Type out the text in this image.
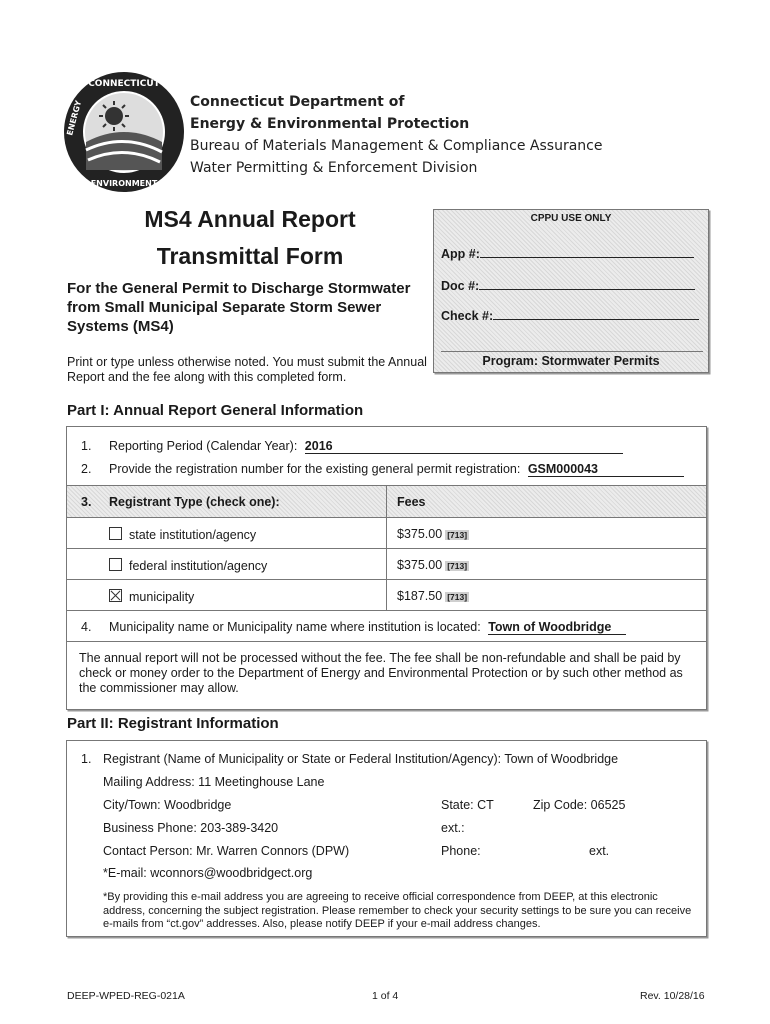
CONNECTICUT
ENERGY
ENVIRONMENT
Connecticut Department of
Energy & Environmental Protection
Bureau of Materials Management & Compliance Assurance
Water Permitting & Enforcement Division
MS4 Annual Report
Transmittal Form
For the General Permit to Discharge Stormwater from Small Municipal Separate Storm Sewer Systems (MS4)
Print or type unless otherwise noted. You must submit the Annual Report and the fee along with this completed form.
CPPU USE ONLY
App #:
Doc #:
Check #:
Program: Stormwater Permits
Part I: Annual Report General Information
1. Reporting Period (Calendar Year): 2016
2. Provide the registration number for the existing general permit registration: GSM000043
3. Registrant Type (check one):	Fees
state institution/agency	$375.00 [713]
federal institution/agency	$375.00 [713]
municipality	$187.50 [713]
4. Municipality name or Municipality name where institution is located: Town of Woodbridge
The annual report will not be processed without the fee. The fee shall be non-refundable and shall be paid by check or money order to the Department of Energy and Environmental Protection or by such other method as the commissioner may allow.
Part II: Registrant Information
1. Registrant (Name of Municipality or State or Federal Institution/Agency): Town of Woodbridge
Mailing Address: 11 Meetinghouse Lane
City/Town: Woodbridge	State: CT	Zip Code: 06525
Business Phone: 203-389-3420	ext.:
Contact Person: Mr. Warren Connors (DPW)	Phone:	ext.
*E-mail: wconnors@woodbridgect.org
*By providing this e-mail address you are agreeing to receive official correspondence from DEEP, at this electronic address, concerning the subject registration. Please remember to check your security settings to be sure you can receive e-mails from “ct.gov” addresses. Also, please notify DEEP if your e-mail address changes.
DEEP-WPED-REG-021A	1 of 4	Rev. 10/28/16
